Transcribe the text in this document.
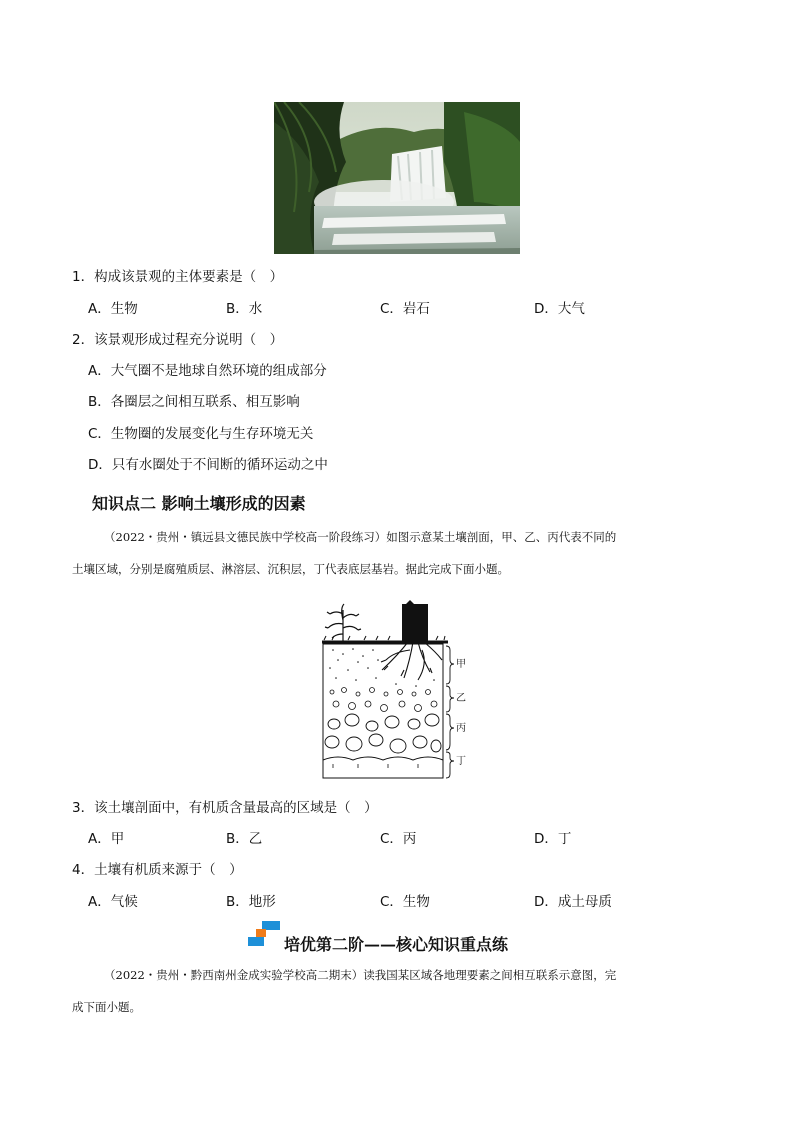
1．构成该景观的主体要素是（　）
A．生物	B．水	C．岩石	D．大气
2．该景观形成过程充分说明（　）
A．大气圈不是地球自然环境的组成部分
B．各圈层之间相互联系、相互影响
C．生物圈的发展变化与生存环境无关
D．只有水圈处于不间断的循环运动之中
知识点二 影响土壤形成的因素
（2022・贵州・镇远县文德民族中学校高一阶段练习）如图示意某土壤剖面，甲、乙、丙代表不同的
土壤区域，分别是腐殖质层、淋溶层、沉积层，丁代表底层基岩。据此完成下面小题。
甲
乙
丙
丁
3．该土壤剖面中，有机质含量最高的区域是（　）
A．甲	B．乙	C．丙	D．丁
4．土壤有机质来源于（　）
A．气候	B．地形	C．生物	D．成土母质
培优第二阶——核心知识重点练
（2022・贵州・黔西南州金成实验学校高二期末）读我国某区域各地理要素之间相互联系示意图，完
成下面小题。
